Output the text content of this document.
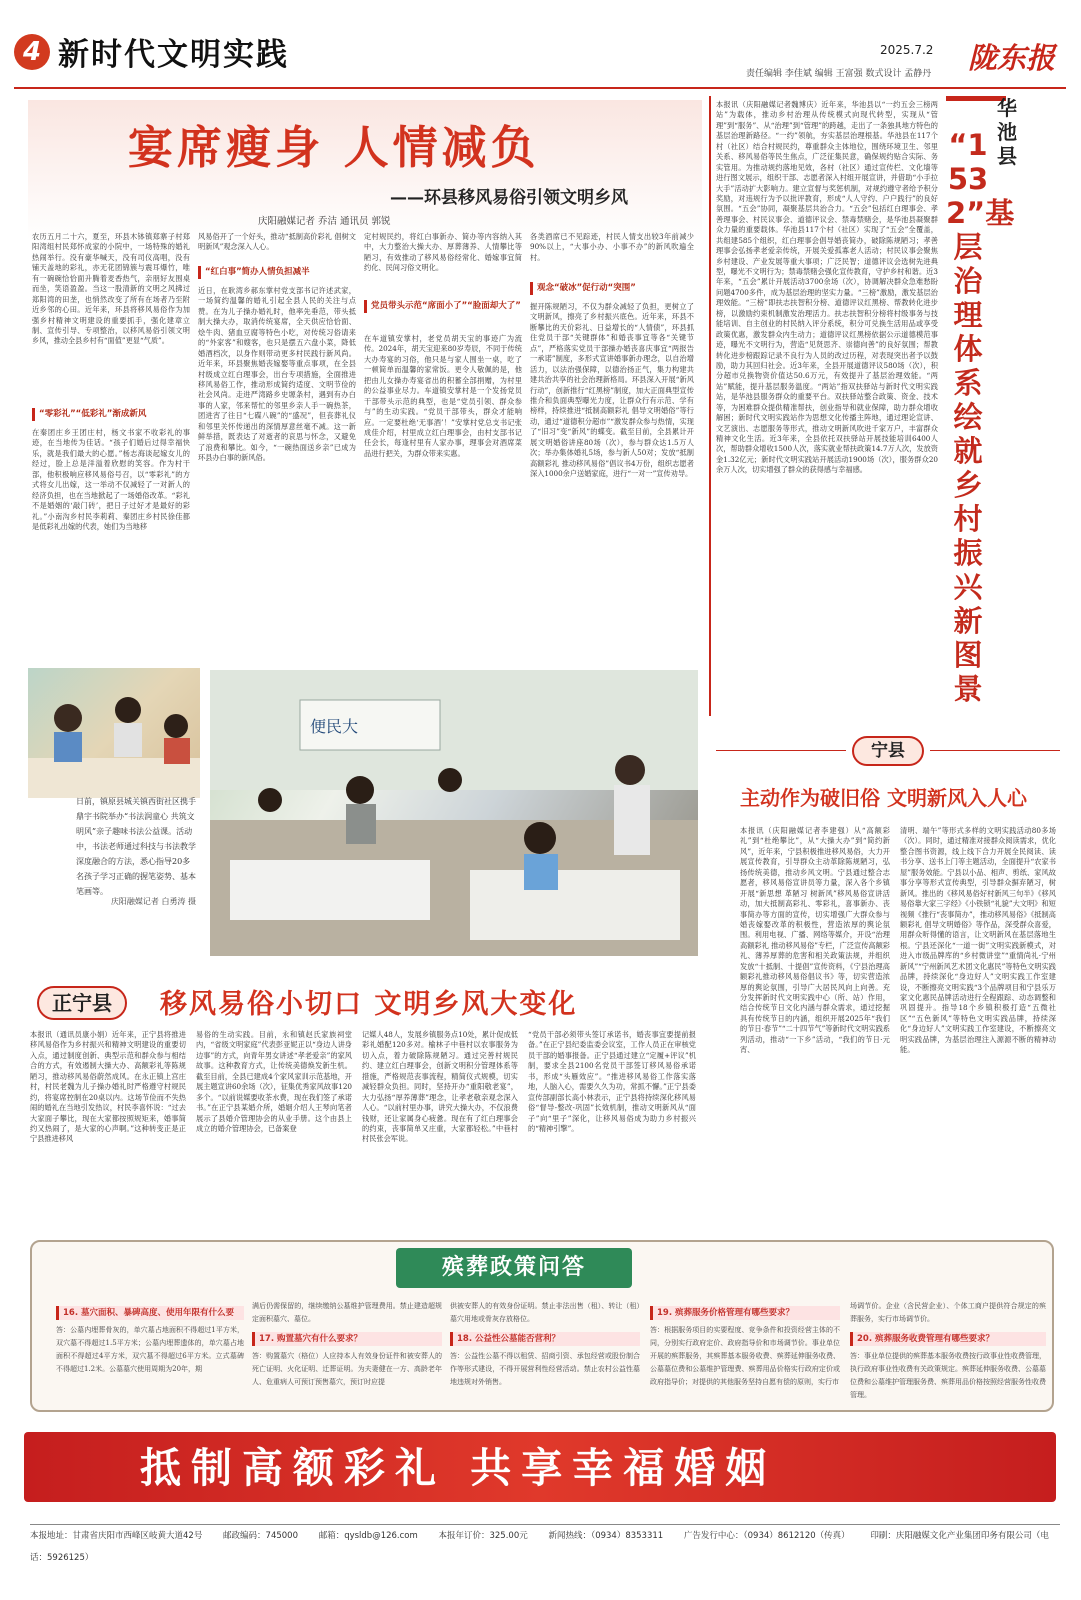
4 新时代文明实践	2025.7.2 陇东报
责任编辑 李佳斌 编辑 王富强 数式设计 孟静丹
宴席瘦身 人情减负
——环县移风易俗引领文明乡风
庆阳融媒记者 乔洁 通讯员 郭锐
农历五月二十六，夏至，环县木钵镇郑寨子村郑阳湾组村民郑怀成家的小院中，一场特殊的婚礼热闹举行。没有豪华喊天，没有司仪高唱，没有铺天盖地的彩礼，亦无花团锦簇与震耳爆竹，唯有一碗碗恰恰面升腾着麦香热气，亲朋好友围桌而坐，笑语盈盈。当这一股清新的文明之风拂过郑阳湾的田垄，也悄然改变了所有在场者乃至附近乡邻的心田。近年来，环县将移风易俗作为加强乡村精神文明建设的重要抓手，强化建章立制、宣传引导、专项整治，以移风易俗引领文明乡风，推动全县乡村有“面值”更显“气质”。
“零彩礼”“低彩礼”渐成新风
在秦团庄乡王团庄村，杨文书家不收彩礼的事迹，在当地传为佳话。“孩子们婚后过得幸福快乐，就是我们最大的心愿。”杨志海谈起嫁女儿的经过，脸上总是洋溢着欣慰的笑容。作为村干部，他积极响应移风易俗号召，以“零彩礼”的方式将女儿出嫁，这一举动不仅减轻了一对新人的经济负担，也在当地掀起了一场婚俗改革。“彩礼不是婚姻的‘敲门砖’，把日子过好才是最好的彩礼。”小南沟乡村民李莉莉、秦团庄乡村民徐佳都是低彩礼出嫁的代表，她们为当地移
风易俗开了一个好头，推动“抵制高价彩礼 倡树文明新风”观念深入人心。
“红白事”简办人情负担减半
近日，在耿湾乡郝东掌村党支部书记许述武家，一场简约温馨的婚礼引起全县人民的关注与点赞。在为儿子操办婚礼时，他率先垂范，带头抵制大操大办，取消传统宴席，全天供应恰恰面、烩牛肉、猪血豆腐等特色小吃，对传统习俗请来的“外家客”和嫂客，也只是摆五六盘小菜，降低婚酒档次，以身作则带动更多村民践行新风尚。近年来，环县聚焦婚丧嫁娶等重点事项，在全县村级成立红白理事会，出台专项措施，全面推进移风易俗工作，推动形成简约适度、文明节俭的社会风尚。走进严湾路乡史塬条村，遇到有办白事的人家，邻来帮忙的邻里乡亲人手一碗热茶，团进宵了往日“七碟八碗”的“盛况”，但丧葬礼仪和邻里关怀传递出的深情厚意丝毫不减。这一新鲜举措，既表达了对逝者的哀思与怀念，又避免了浪费和攀比。如今，“一碗热面送乡亲”已成为环县办白事的新风俗。
定村规民约，将红白事新办、简办等内容纳入其中，大力整治大操大办、厚葬薄养、人情攀比等陋习，有效推动了移风易俗经常化、婚嫁事宜简约化、民间习俗文明化。
党员带头示范“席面小了”“脸面却大了”
在车道镇安掌村，老党员胡天宝的事迹广为流传。2024年，胡天宝迎来80岁寿辰，不同于传统大办寿宴的习俗，他只是与家人围坐一桌，吃了一顿简单而温馨的家常饭。更令人敬佩的是，他把由儿女操办寿宴省出的积蓄全部捐赠，为村里的公益事业尽力。车道镇安掌村是一个发扬党员干部带头示范的典型，也是“党员引领、群众参与”的生动实践。“党员干部带头，群众才能响应。一定要杜绝‘无事酒’！”安掌村党总支书记张成佳介绍，村里成立红白理事会，由村支部书记任会长，每逢村里有人家办事，理事会对酒席菜品进行把关，为群众带来实惠。
各类酒席已不见踪迹，村民人情支出较3年前减少90%以上，“大事小办、小事不办”的新风吹遍全村。
观念“破冰”促行动“突围”
握开陈规陋习，不仅为群众减轻了负担，更树立了文明新风，擦亮了乡村振兴底色。近年来，环县不断攀比的天价彩礼、日益增长的“人情债”，环县抓住党员干部“关键群体”和婚丧事宜等各“关键节点”，严格落实党员干部操办婚丧喜庆事宜“两报告一承诺”制度，多形式宣讲婚事新办理念，以自治增活力，以法治强保障，以德治扬正气，集力构建共建共治共享的社会治理新格局。环县深入开展“新风行动”，创新推行“红黑榜”制度，加大正面典型宣传推介和负面典型曝光力度，让群众行有示范、学有榜样，持续推进“抵制高额彩礼 倡导文明婚俗”等行动，通过“道德积分超市”“激发群众参与热情，实现了“旧习”变“新风”的蝶变。截至目前，全县累计开展文明婚俗讲座80场（次），参与群众达1.5万人次；举办集体婚礼5场，参与新人50对；发放“抵制高额彩礼 推动移风易俗”倡议书4万份，组织志愿者深入1000余户送婚家庭，进行“一对一”宣传劝导。
华池县
“1532”基层治理体系绘就乡村振兴新图景
本报讯（庆阳融媒记者魏博庆）近年来，华池县以“一约五会三榜两站”为载体，推动乡村治理从传统模式向现代转型，实现从“管理”到“服务”、从“治理”到“管理”的跨越，走出了一条独具地方特色的基层治理新路径。“一约”领航，夯实基层治理根基。华池县在117个村（社区）结合村规民约，尊重群众主体地位，围绕环境卫生、邻里关系、移风易俗等民生焦点，广泛征集民意，确保规约贴合实际、务实管用。为推动规约落地见效，各村（社区）通过宣传栏、文化墙等进行图文展示，组织干部、志愿者深入村组开展宣讲，并借助“小手拉大手”活动扩大影响力。建立宣督与奖惩机制，对规约遵守者给予积分奖励，对违规行为予以批评教育，形成“人人守约、户户践行”的良好氛围。“五会”协同，凝聚基层共治合力。“五会”包括红白理事会、孝善理事会、村民议事会、道德评议会、禁毒禁赌会，是华池县凝聚群众力量的重要载体。华池县117个村（社区）实现了“五会”全覆盖，共组建585个组织，红白理事会倡导婚丧简办，破除陈规陋习；孝善理事会弘扬孝老爱亲传统，开展关爱孤寡老人活动；村民议事会聚焦乡村建设、产业发展等重大事项；广泛民智；道德评议会选树先进典型，曝光不文明行为；禁毒禁赌会强化宣传教育，守护乡村和谐。近3年来，“五会”累计开展活动3700余场（次），协调解决群众急难愁盼问题4700多件，成为基层治理的坚实力量。“三榜”激励，激发基层治理效能。“三榜”即扶志扶智积分榜、道德评议红黑榜、帮教转化进步榜，以激励约束机制激发治理活力。扶志扶智积分榜将村级事务与技能培训、自主创业的村民纳入评分系统，积分可兑换生活用品或享受政策优惠，激发群众内生动力；道德评议红黑榜依据公示道德模范事迹，曝光不文明行为，营造“见贤思齐、崇德向善”的良好氛围；帮教转化进步榜跟踪记录不良行为人员的改过历程，对表现突出者予以鼓励，助力其回归社会。近3年来，全县开展道德评议580场（次），积分超市兑换物资价值达50.6万元，有效提升了基层治理效能。“两站”赋能，提升基层服务温度。“两站”指双扶驿站与新时代文明实践站，是华池县服务群众的重要平台。双扶驿站整合政策、资金、技术等，为困难群众提供精准帮扶，创业指导和就业保障，助力群众增收解困；新时代文明实践站作为思想文化传播主阵地，通过理论宣讲、文艺演出、志愿服务等形式，推动文明新风吹进千家万户，丰富群众精神文化生活。近3年来，全县依托双扶驿站开展技能培训6400人次，帮助群众增收1500人次，落实就业帮扶政策14.7万人次，发放资金1.32亿元；新时代文明实践站开展活动1900场（次），服务群众20余万人次，切实增强了群众的获得感与幸福感。
宁县
主动作为破旧俗 文明新风入人心
本报讯（庆阳融媒记者李建强）从“高额彩礼”到“杜绝攀比”，从“大操大办”到“简约新风”，近年来，宁县积极推进移风易俗，大力开展宣传教育，引导群众主动革除陈规陋习，弘扬传统美德，推动乡风文明。宁县通过整合志愿者，移风易俗宣讲员等力量，深入各个乡镇开展“新思想 革陋习 树新风”移风易俗宣讲活动，加大抵制高彩礼、零彩礼，喜事新办、丧事简办等方面的宣传，切实增强广大群众参与婚丧嫁娶改革的积极性，营造浓厚的舆论氛围。利用电视、广播、网络等媒介，开设“治理高额彩礼 推动移风易俗”专栏，广泛宣传高额彩礼、薄养厚葬的危害和相关政策法规，并组织发放“十抵制、十提倡”宣传资料，《宁县治理高额彩礼推动移风易俗倡议书》等，切实营造浓厚的舆论氛围，引导广大居民风向上向善。充分发挥新时代文明实践中心（所、站）作用，结合传统节日文化内涵与群众需求，通过挖掘具有传统节日的内涵，组织开展2025年“我们的节日·春节”“二十四节气”等新时代文明实践系列活动，推动“一下乡”活动，“我们的节日·元宵、
清明、端午”等形式多样的文明实践活动80多场（次）。同时，通过精准对接群众阅读需求，优化整合图书资源，线上线下合力开展全民阅读、读书分享、送书上门等主题活动，全面提升“农家书屋”服务效能。宁县以小品、相声、剪纸、家风故事分享等形式宣传典型，引导群众摒弃陋习，树新风。推出的《移风易俗好村新风三句半》《移风易俗靠大家三字经》《小铁锁“礼貌”大文明》和短视频《推行“丧事简办”，推动移风易俗》《抵制高额彩礼 倡导文明婚俗》等作品，深受群众喜爱，用群众听得懂的语言，让文明新风在基层落地生根。宁县还深化“一道一街”文明实践新模式，对进入市级品牌库的“乡村微讲堂”“重情尚礼·宁州新风”“宁州新风艺术团文化惠民”等特色文明实践品牌，持续深化“身边好人”文明实践工作室建设，不断擦亮文明实践“3个品牌项目和宁县乐万家文化惠民品牌活动进行全程跟踪、动态调整和巩固提升。指导18个乡镇积极打造“五微社区”“五色新风”等特色文明实践品牌，持续深化“身边好人”文明实践工作室建设，不断擦亮文明实践品牌，为基层治理注入源源不断的精神动能。
日前，镇原县城关镇西街社区携手鼎宇书院举办“书法润童心 共筑文明风”亲子趣味书法公益课。活动中，书法老师通过科技与书法教学深度融合的方法，悉心指导20多名孩子学习正确的握笔姿势、基本笔画等。
庆阳融媒记者 白勇涛 摄
便民大
正宁县	移风易俗小切口 文明乡风大变化
本报讯（通讯员康小娟）近年来，正宁县将推进移风易俗作为乡村振兴和精神文明建设的重要切入点，通过制度创新、典型示范和群众参与相结合的方式，有效遏制大操大办、高额彩礼等陈规陋习，推动移风易俗蔚然成风。在永正镇上宫庄村，村民老魏为儿子操办婚礼时严格遵守村规民约，将宴席控制在20桌以内。这场节俭而不失热闹的婚礼在当地引发热议，村民李喜怀说：“过去大家面子攀比，现在大家都按照规矩来，婚事简约又热闹了，是大家的心声啊。”这种转变正是正宁县推进移风
易俗的生动实践。目前，永和镇赵氏家族祠堂内，“省级文明家庭”代表彭亚妮正以“身边人讲身边事”的方式，向青年男女讲述“孝老爱亲”的家风故事。这种教育方式，让传统美德焕发新生机。截至目前，全县已建成4个家风家训示范基地，开展主题宣讲60余场（次），征集优秀家风故事120多个。“以前说媒要收茶水费，现在我们签了承诺书。”在正宁县某婚介所，婚姻介绍人王琴向笔者展示了县婚介管理协会的从业手册。这个由县上成立的婚介管理协会，已备案登
记媒人48人，发展乡镇服务点10处，累计促成低彩礼婚配120多对。榆林子中巷村以农事服务为切入点，着力破除陈规陋习。通过完善村规民约、建立红白理事会，创新文明积分管理体系等措施，严格规范丧事流程，精简仪式规模，切实减轻群众负担。同时，坚持开办“重阳敬老宴”，大力弘扬“厚养薄葬”理念，让孝老敬亲观念深入人心。“以前村里办事，讲究大操大办，不仅浪费钱财，还让家属身心疲惫。现在有了红白理事会的约束，丧事简单又庄重，大家都轻松。”中巷村村民张会军说。
“党员干部必须带头签订承诺书，婚丧事宜要提前报备。”在正宁县纪委监委会议室，工作人员正在审核党员干部的婚事报备。正宁县通过建立“定履+评议”机制，要求全县2100名党员干部签订移风易俗承诺书，形成“头雁效应”。“推进移风易俗工作落实落地，人脑入心，需要久久为功，常抓不懈。”正宁县委宣传部副部长高小林表示，正宁县将持续深化移风易俗“督导-整改-巩固”长效机制，推动文明新风从“面子”向“里子”深化，让移风易俗成为助力乡村振兴的“精神引擎”。
殡葬政策问答
16. 墓穴面积、暴碑高度、使用年限有什么要
答：公墓内埋葬骨灰的，单穴墓占地面积不得超过1平方米，双穴墓不得超过1.5平方米；公墓内埋葬遗体的，单穴墓占地面积不得超过4平方米，双穴墓不得超过6平方米。立式墓碑不得超过1.2米。公墓墓穴使用周期为20年，期
满后仍需保留的，继续缴纳公墓维护管理费用。禁止建造超规定面积墓穴、墓位。
17. 购置墓穴有什么要求？
答：购置墓穴（格位）人应持本人有效身份证件和被安葬人的死亡证明、火化证明、迁葬证明。为夫妻健在一方、高龄老年人、危重病人可预订预售墓穴，预订时应提
供被安葬人的有效身份证明。禁止非法出售（租）、转让（租）墓穴用地或骨灰存放格位。
18. 公益性公墓能否营利？
答：公益性公墓不得以租赁、招商引资、承包经营或股份制合作等形式建设，不得开展营利性经营活动。禁止农村公益性墓地违规对外销售。
19. 殡葬服务价格管理有哪些要求？
答：根据服务项目的实要程度、竞争条件和投资经营主体的不同，分别实行政府定价、政府指导价和市场调节价。事业单位开展的殡葬服务，其殡葬基本服务收费、殡葬延伸服务收费、公墓墓位费和公墓维护管理费、殡葬用品价格实行政府定价或政府指导价；对提供的其他服务坚持自愿有偿的原则，实行市
场调节价。企业（含民营企业）、个体工商户提供符合规定的殡葬服务，实行市场调节价。
20. 殡葬服务收费管理有哪些要求？
答：事业单位提供的殡葬基本服务收费按行政事业性收费管理，执行政府事业性收费有关政策规定。殡葬延伸服务收费、公墓墓位费和公墓维护管理服务费、殡葬用品价格按照经营服务性收费管理。
抵制高额彩礼 共享幸福婚姻
本报地址：甘肃省庆阳市西峰区岐黄大道42号 邮政编码：745000 邮箱：qysldb@126.com 本报年订价：325.00元 新闻热线：（0934）8353311 广告发行中心：（0934）8612120（传真） 印刷：庆阳融媒文化产业集团印务有限公司（电话：5926125）
